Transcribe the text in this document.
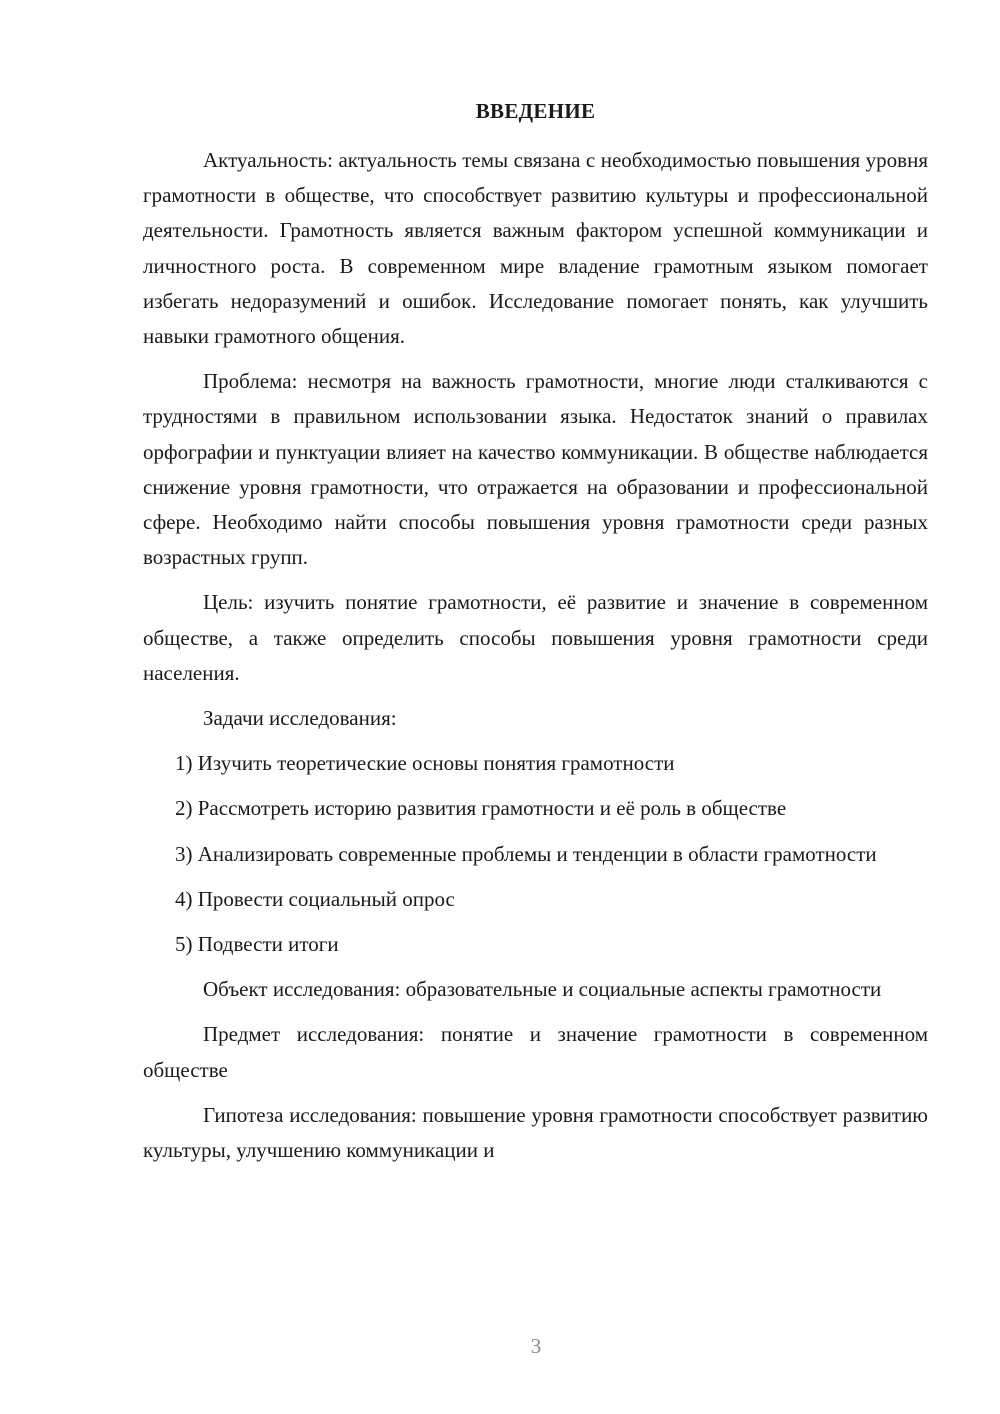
ВВЕДЕНИЕ

Актуальность: актуальность темы связана с необходимостью повышения уровня грамотности в обществе, что способствует развитию культуры и профессиональной деятельности. Грамотность является важным фактором успешной коммуникации и личностного роста. В современном мире владение грамотным языком помогает избегать недоразумений и ошибок. Исследование помогает понять, как улучшить навыки грамотного общения.

Проблема: несмотря на важность грамотности, многие люди сталкиваются с трудностями в правильном использовании языка. Недостаток знаний о правилах орфографии и пунктуации влияет на качество коммуникации. В обществе наблюдается снижение уровня грамотности, что отражается на образовании и профессиональной сфере. Необходимо найти способы повышения уровня грамотности среди разных возрастных групп.

Цель: изучить понятие грамотности, её развитие и значение в современном обществе, а также определить способы повышения уровня грамотности среди населения.

Задачи исследования:

1) Изучить теоретические основы понятия грамотности

2) Рассмотреть историю развития грамотности и её роль в обществе

3) Анализировать современные проблемы и тенденции в области грамотности

4) Провести социальный опрос

5) Подвести итоги

Объект исследования: образовательные и социальные аспекты грамотности

Предмет исследования: понятие и значение грамотности в современном обществе

Гипотеза исследования: повышение уровня грамотности способствует развитию культуры, улучшению коммуникации и

3
